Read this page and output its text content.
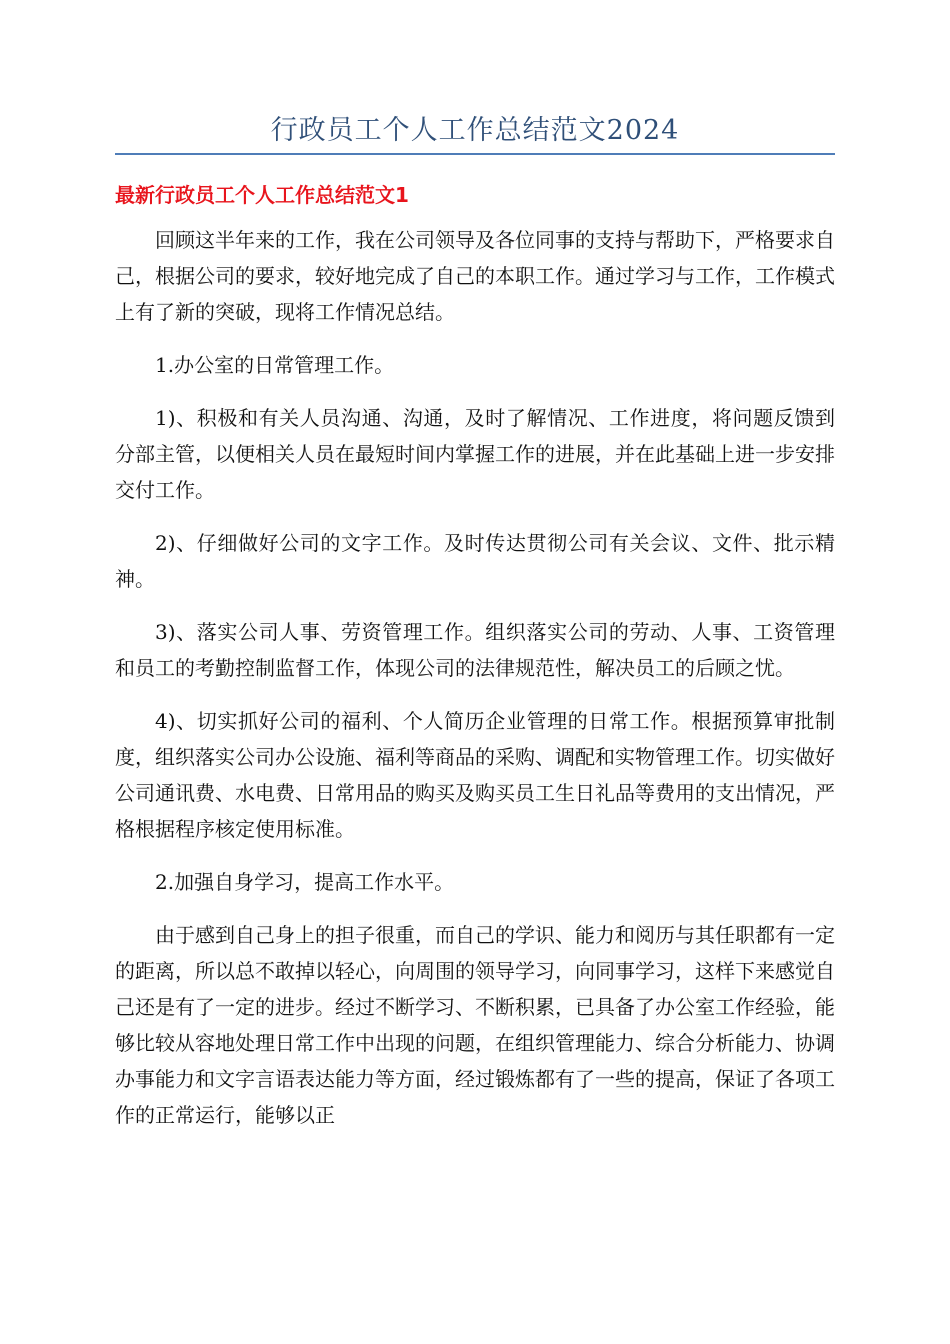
行政员工个人工作总结范文2024
最新行政员工个人工作总结范文1

回顾这半年来的工作，我在公司领导及各位同事的支持与帮助下，严格要求自己，根据公司的要求，较好地完成了自己的本职工作。通过学习与工作，工作模式上有了新的突破，现将工作情况总结。

1.办公室的日常管理工作。

1)、积极和有关人员沟通、沟通，及时了解情况、工作进度，将问题反馈到分部主管，以便相关人员在最短时间内掌握工作的进展，并在此基础上进一步安排交付工作。

2)、仔细做好公司的文字工作。及时传达贯彻公司有关会议、文件、批示精神。

3)、落实公司人事、劳资管理工作。组织落实公司的劳动、人事、工资管理和员工的考勤控制监督工作，体现公司的法律规范性，解决员工的后顾之忧。

4)、切实抓好公司的福利、个人简历企业管理的日常工作。根据预算审批制度，组织落实公司办公设施、福利等商品的采购、调配和实物管理工作。切实做好公司通讯费、水电费、日常用品的购买及购买员工生日礼品等费用的支出情况，严格根据程序核定使用标准。

2.加强自身学习，提高工作水平。

由于感到自己身上的担子很重，而自己的学识、能力和阅历与其任职都有一定的距离，所以总不敢掉以轻心，向周围的领导学习，向同事学习，这样下来感觉自己还是有了一定的进步。经过不断学习、不断积累，已具备了办公室工作经验，能够比较从容地处理日常工作中出现的问题，在组织管理能力、综合分析能力、协调办事能力和文字言语表达能力等方面，经过锻炼都有了一些的提高，保证了各项工作的正常运行，能够以正
